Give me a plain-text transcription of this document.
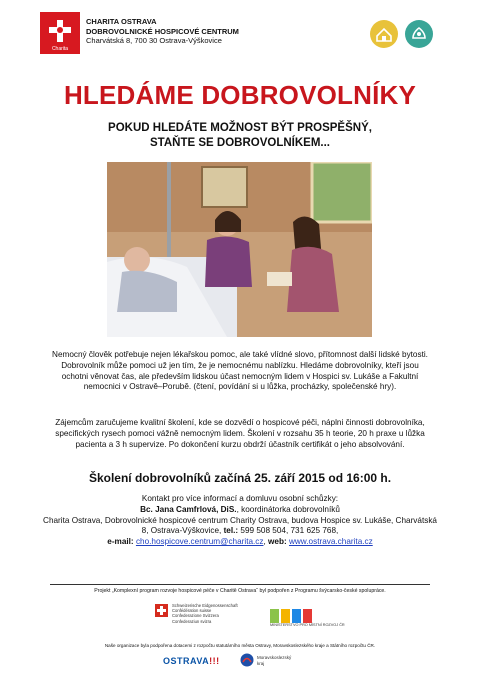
Charita
CHARITA OSTRAVA
DOBROVOLNICKÉ HOSPICOVÉ CENTRUM
Charvátská 8, 700 30 Ostrava-Výškovice
HLEDÁME DOBROVOLNÍKY
POKUD HLEDÁTE MOŽNOST BÝT PROSPĚŠNÝ,
STAŇTE SE DOBROVOLNÍKEM...
Nemocný člověk potřebuje nejen lékařskou pomoc, ale také vlídné slovo, přítomnost další lidské bytosti. Dobrovolník může pomoci už jen tím, že je nemocnému nablízku. Hledáme dobrovolníky, kteří jsou ochotni věnovat čas, ale především lidskou účast nemocným lidem v Hospici sv. Lukáše a Fakultní nemocnici v Ostravě–Porubě. (čtení, povídání si u lůžka, procházky, společenské hry).
Zájemcům zaručujeme kvalitní školení, kde se dozvědí o hospicové péči, náplni činnosti dobrovolníka, specifických rysech pomoci vážně nemocným lidem. Školení v rozsahu 35 h teorie, 20 h praxe u lůžka pacienta a 3 h supervize. Po dokončení kurzu obdrží účastník certifikát o jeho absolvování.
Školení dobrovolníků začíná 25. září 2015 od 16:00 h.
Kontakt pro více informací a domluvu osobní schůzky:
Bc. Jana Camfrlová, DiS., koordinátorka dobrovolníků
Charita Ostrava, Dobrovolnické hospicové centrum Charity Ostrava, budova Hospice sv. Lukáše, Charvátská 8, Ostrava-Výškovice, tel.: 599 508 504, 731 625 768,
e-mail: cho.hospicove.centrum@charita.cz, web: www.ostrava.charita.cz
Projekt „Komplexní program rozvoje hospicové péče v Charitě Ostrava“ byl podpořen z Programu švýcarsko-české spolupráce.
Schweizerische Eidgenossenschaft
Confédération suisse
Confederazione Svizzera
Confederaziun svizra
MINISTERSTVO PRO MÍSTNÍ ROZVOJ ČR
Naše organizace byla podpořena dotacemi z rozpočtu statutárního města Ostravy, Moravskoslezského kraje a Státního rozpočtu ČR.
OSTRAVA!!!	Moravskoslezský
kraj
